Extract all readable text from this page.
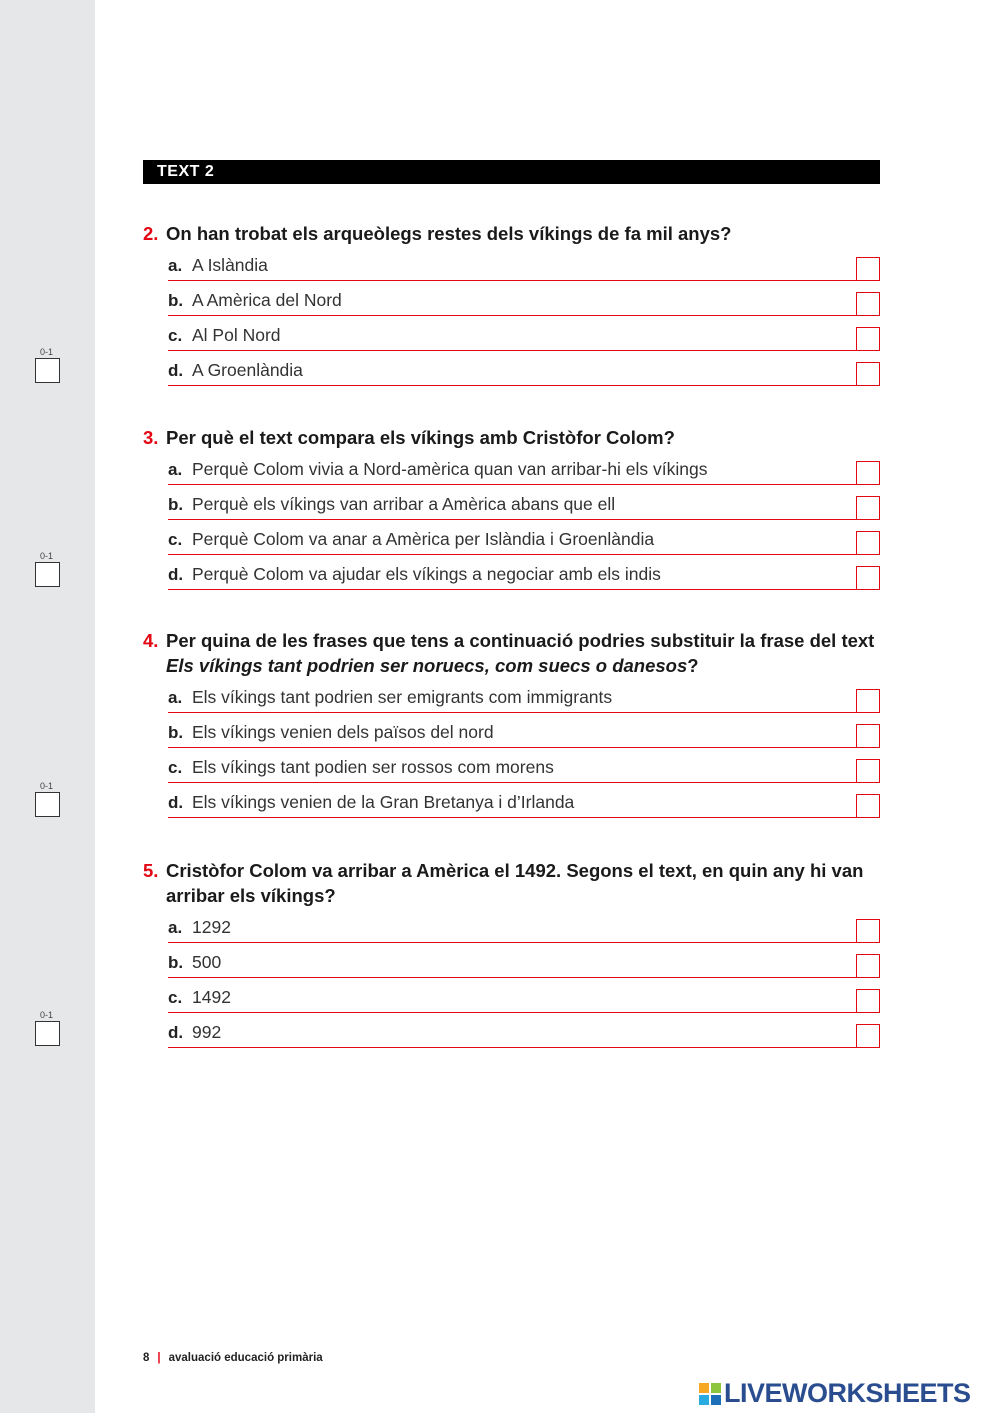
0-1
0-1
0-1
0-1
TEXT 2
2. On han trobat els arqueòlegs restes dels víkings de fa mil anys?
a. A Islàndia
b. A Amèrica del Nord
c. Al Pol Nord
d. A Groenlàndia
3. Per què el text compara els víkings amb Cristòfor Colom?
a. Perquè Colom vivia a Nord-amèrica quan van arribar-hi els víkings
b. Perquè els víkings van arribar a Amèrica abans que ell
c. Perquè Colom va anar a Amèrica per Islàndia i Groenlàndia
d. Perquè Colom va ajudar els víkings a negociar amb els indis
4. Per quina de les frases que tens a continuació podries substituir la frase del text Els víkings tant podrien ser noruecs, com suecs o danesos?
a. Els víkings tant podrien ser emigrants com immigrants
b. Els víkings venien dels països del nord
c. Els víkings tant podien ser rossos com morens
d. Els víkings venien de la Gran Bretanya i d’Irlanda
5. Cristòfor Colom va arribar a Amèrica el 1492. Segons el text, en quin any hi van arribar els víkings?
a. 1292
b. 500
c. 1492
d. 992
8 | avaluació educació primària
LIVEWORKSHEETS
